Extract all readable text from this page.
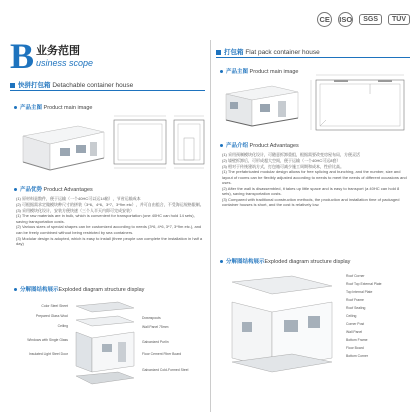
CE	ISO	SGS	TÜV
B 业务范围
usiness scope
快拼打包箱 Detachable container house
产品主图 Product main image
产品优势 Product Advantages

(1) 原材料是散件，便于运输（一个40HC可以运14箱），节省运输成本

(2) 可根据需求定做模块种尺寸的拼装（3*6、4*6、3*7、3*9m etc），并可自由组合，不受海运规格限制。

(3) 采用模块化设计，安装方便快速（三个人半天内即可完成安装）

(1) The raw materials are in bulk, which is convenient for transportation (one 40HC can hold 14 sets), saving transportation costs.

(2) Various sizes of special shapes can be customized according to needs (3*6, 4*6, 3*7, 3*9m etc.), and can be freely combined without being restricted by sea containers.

(3) Modular design is adopted, which is easy to install (three people can complete the installation in half a day)

分解图结构展示Exploded diagram structure display
Color Steel Sheet
Prepared Glass Wool
Ceiling
Windows with Single Glass
Insulated Light Steel Door
Downspouts
Wall Panel 75mm
Galvanized Purlin
Floor Cement Fiber Board
Galvanized Cold-Formed Steel
打包箱 Flat pack container house
产品主图 Product main image
产品介绍 Product Advantages

(1) 采用预制模块化设计，可随意拆卸重组，根据需要改变房屋布局，方便灵活

(2) 墙壁拆卸后，可形成超大空间，便于运输（一个40HC可运8套）

(3) 相对于传统建筑方式，打包箱可减少施工周期和成本，性价比高。

(1) The prefabricated modular design allows for free splicing and bunching, and the number, size and layout of rooms can be flexibly adjusted according to needs to meet the needs of different occasions and uses.

(2) After the wall is disassembled, it takes up little space and is easy to transport (a 40HC can hold 8 sets), saving transportation costs.

(3) Compared with traditional construction methods, the production and installation time of packaged container houses is short, and the cost is relatively low.

分解图结构展示Exploded diagram structure display
Roof Corner
Roof Top External Plate
Top Internal Plate
Roof Frame
Roof Sealing
Ceiling
Corner Post
Wall Panel
Bottom Frame
Floor Board
Bottom Corner
